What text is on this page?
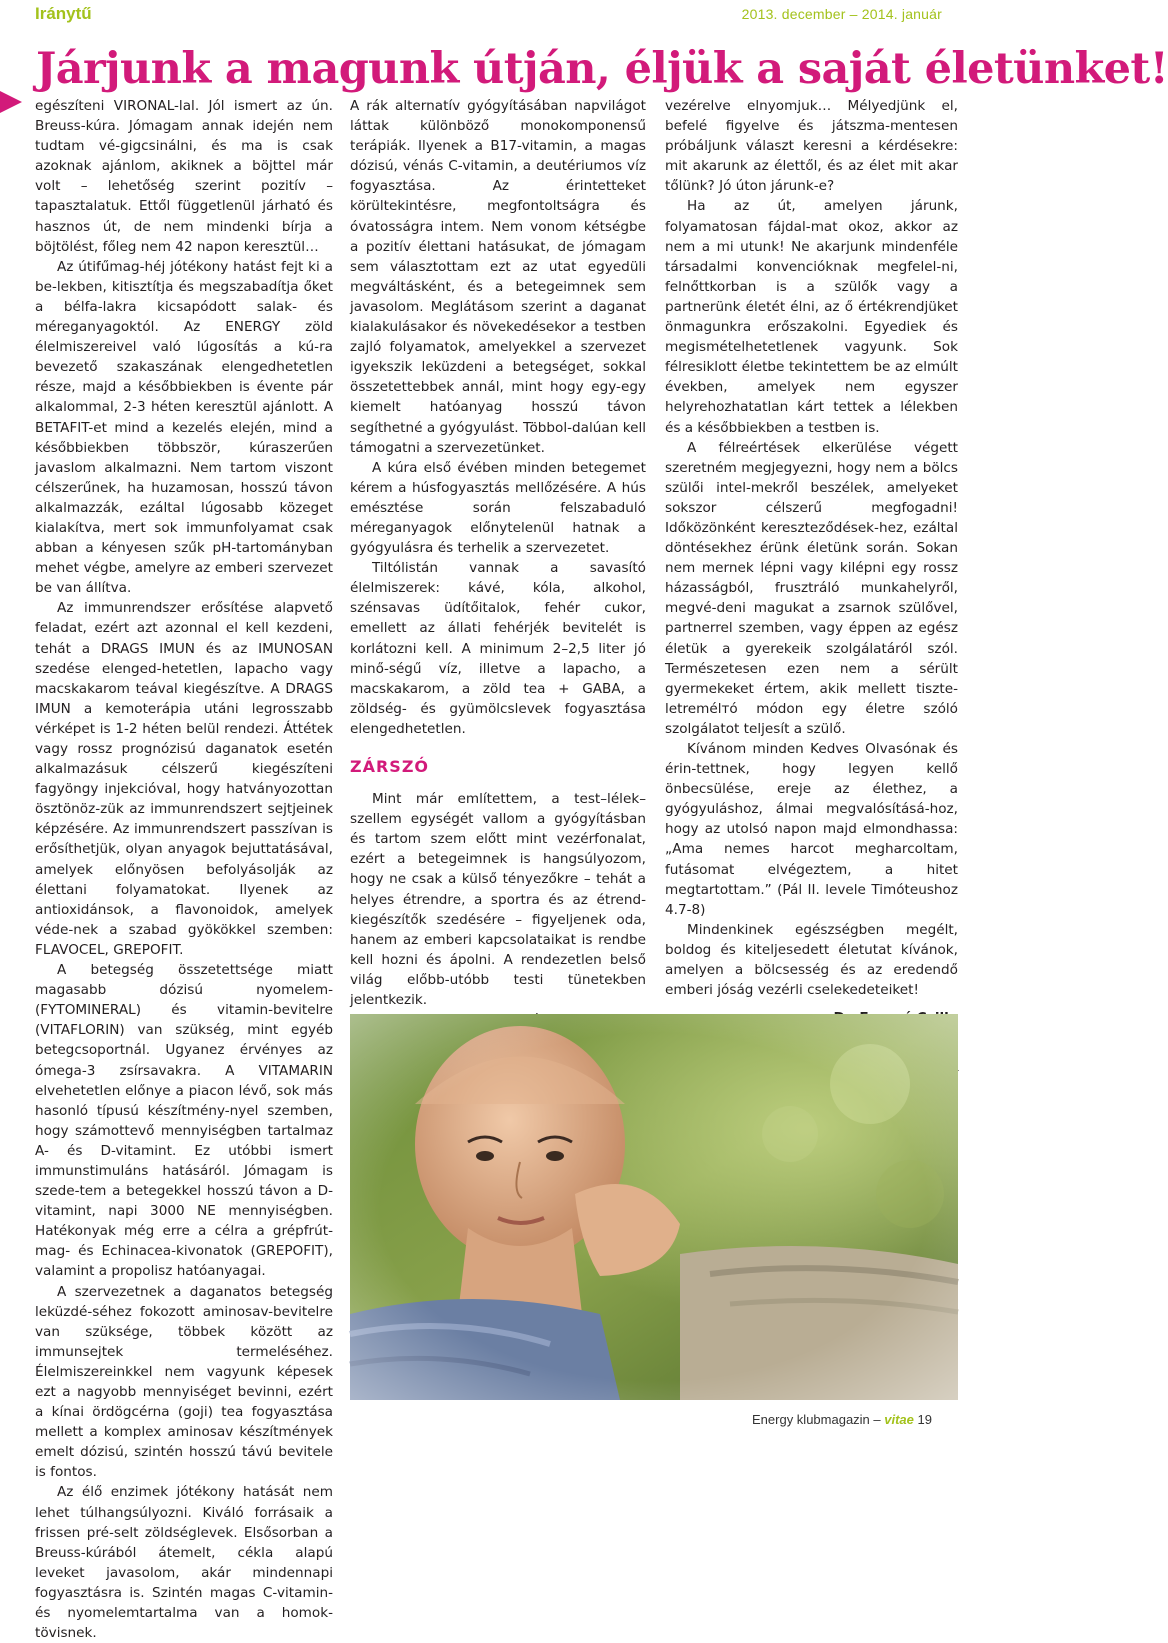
Iránytű	2013. december – 2014. január
Járjunk a magunk útján, éljük a saját életünket!

egészíteni VIRONAL-lal. Jól ismert az ún. Breuss-kúra. Jómagam annak idején nem tudtam vé-gigcsinálni, és ma is csak azoknak ajánlom, akiknek a böjttel már volt – lehetőség szerint pozitív – tapasztalatuk. Ettől függetlenül járható és hasznos út, de nem mindenki bírja a böjtölést, főleg nem 42 napon keresztül…

Az útifűmag-héj jótékony hatást fejt ki a be-lekben, kitisztítja és megszabadítja őket a bélfa-lakra kicsapódott salak- és méreganyagoktól. Az ENERGY zöld élelmiszereivel való lúgosítás a kú-ra bevezető szakaszának elengedhetetlen része, majd a későbbiekben is évente pár alkalommal, 2-3 héten keresztül ajánlott. A BETAFIT-et mind a kezelés elején, mind a későbbiekben többször, kúraszerűen javaslom alkalmazni. Nem tartom viszont célszerűnek, ha huzamosan, hosszú távon alkalmazzák, ezáltal lúgosabb közeget kialakítva, mert sok immunfolyamat csak abban a kényesen szűk pH-tartományban mehet végbe, amelyre az emberi szervezet be van állítva.

Az immunrendszer erősítése alapvető feladat, ezért azt azonnal el kell kezdeni, tehát a DRAGS IMUN és az IMUNOSAN szedése elenged-hetetlen, lapacho vagy macskakarom teával kiegészítve. A DRAGS IMUN a kemoterápia utáni legrosszabb vérképet is 1-2 héten belül rendezi. Áttétek vagy rossz prognózisú daganatok esetén alkalmazásuk célszerű kiegészíteni fagyöngy injekcióval, hogy hatványozottan ösztönöz-zük az immunrendszert sejtjeinek képzésére. Az immunrendszert passzívan is erősíthetjük, olyan anyagok bejuttatásával, amelyek előnyösen befolyásolják az élettani folyamatokat. Ilyenek az antioxidánsok, a flavonoidok, amelyek véde-nek a szabad gyökökkel szemben: FLAVOCEL, GREPOFIT.

A betegség összetettsége miatt magasabb dózisú nyomelem- (FYTOMINERAL) és vitamin-bevitelre (VITAFLORIN) van szükség, mint egyéb betegcsoportnál. Ugyanez érvényes az ómega-3 zsírsavakra. A VITAMARIN elvehetetlen előnye a piacon lévő, sok más hasonló típusú készítmény-nyel szemben, hogy számottevő mennyiségben tartalmaz A- és D-vitamint. Ez utóbbi ismert immunstimuláns hatásáról. Jómagam is szede-tem a betegekkel hosszú távon a D-vitamint, napi 3000 NE mennyiségben. Hatékonyak még erre a célra a grépfrút-mag- és Echinacea-kivonatok (GREPOFIT), valamint a propolisz hatóanyagai.

A szervezetnek a daganatos betegség leküzdé-séhez fokozott aminosav-bevitelre van szüksége, többek között az immunsejtek termeléséhez. Élelmiszereinkkel nem vagyunk képesek ezt a nagyobb mennyiséget bevinni, ezért a kínai ördögcérna (goji) tea fogyasztása mellett a komplex aminosav készítmények emelt dózisú, szintén hosszú távú bevitele is fontos.

Az élő enzimek jótékony hatását nem lehet túlhangsúlyozni. Kiváló forrásaik a frissen pré-selt zöldséglevek. Elsősorban a Breuss-kúrából átemelt, cékla alapú leveket javasolom, akár mindennapi fogyasztásra is. Szintén magas C-vitamin- és nyomelemtartalma van a homok-tövisnek.

A rák alternatív gyógyításában napvilágot láttak különböző monokomponensű terápiák. Ilyenek a B17-vitamin, a magas dózisú, vénás C-vitamin, a deutériumos víz fogyasztása. Az érintetteket körültekintésre, megfontoltságra és óvatosságra intem. Nem vonom kétségbe a pozitív élettani hatásukat, de jómagam sem választottam ezt az utat egyedüli megváltásként, és a betegeimnek sem javasolom. Meglátásom szerint a daganat kialakulásakor és növekedésekor a testben zajló folyamatok, amelyekkel a szervezet igyekszik leküzdeni a betegséget, sokkal összetettebbek annál, mint hogy egy-egy kiemelt hatóanyag hosszú távon segíthetné a gyógyulást. Többol-dalúan kell támogatni a szervezetünket.

A kúra első évében minden betegemet kérem a húsfogyasztás mellőzésére. A hús emésztése során felszabaduló méreganyagok előnytelenül hatnak a gyógyulásra és terhelik a szervezetet.

Tiltólistán vannak a savasító élelmiszerek: kávé, kóla, alkohol, szénsavas üdítőitalok, fehér cukor, emellett az állati fehérjék bevitelét is korlátozni kell. A minimum 2–2,5 liter jó minő-ségű víz, illetve a lapacho, a macskakarom, a zöld tea + GABA, a zöldség- és gyümölcslevek fogyasztása elengedhetetlen.

ZÁRSZÓ

Mint már említettem, a test–lélek–szellem egységét vallom a gyógyításban és tartom szem előtt mint vezérfonalat, ezért a betegeimnek is hangsúlyozom, hogy ne csak a külső tényezőkre – tehát a helyes étrendre, a sportra és az étrend-kiegészítők szedésére – figyeljenek oda, hanem az emberi kapcsolataikat is rendbe kell hozni és ápolni. A rendezetlen belső világ előbb-utóbb testi tünetekben jelentkezik.

vezérelve elnyomjuk… Mélyedjünk el, befelé figyelve és játszma-mentesen próbáljunk választ keresni a kérdésekre: mit akarunk az élettől, és az élet mit akar tőlünk? Jó úton járunk-e?

Ha az út, amelyen járunk, folyamatosan fájdal-mat okoz, akkor az nem a mi utunk! Ne akarjunk mindenféle társadalmi konvencióknak megfelel-ni, felnőttkorban is a szülők vagy a partnerünk életét élni, az ő értékrendjüket önmagunkra erőszakolni. Egyediek és megismételhetetlenek vagyunk. Sok félresiklott életbe tekintettem be az elmúlt években, amelyek nem egyszer helyrehozhatatlan kárt tettek a lélekben és a későbbiekben a testben is.

A félreértések elkerülése végett szeretném megjegyezni, hogy nem a bölcs szülői intel-mekről beszélek, amelyeket sokszor célszerű megfogadni! Időközönként kereszteződések-hez, ezáltal döntésekhez érünk életünk során. Sokan nem mernek lépni vagy kilépni egy rossz házasságból, frusztráló munkahelyről, megvé-deni magukat a zsarnok szülővel, partnerrel szemben, vagy éppen az egész életük a gyerekeik szolgálatáról szól. Természetesen ezen nem a sérült gyermekeket értem, akik mellett tiszte-letremélтó módon egy életre szóló szolgálatot teljesít a szülő.

Kívánom minden Kedves Olvasónak és érin-tettnek, hogy legyen kellő önbecsülése, ereje az élethez, a gyógyuláshoz, álmai megvalósításá-hoz, hogy az utolsó napon majd elmondhassa: „Ama nemes harcot megharcoltam, futásomat elvégeztem, a hitet megtartottam.” (Pál II. levele Timóteushoz 4.7-8)

Mindenkinek egészségben megélt, boldog és kiteljesedett életutat kívánok, amelyen a bölcsesség és az eredendő emberi jóság vezérli cselekedeteiket!

Energy klubmagazin – vitae 19
